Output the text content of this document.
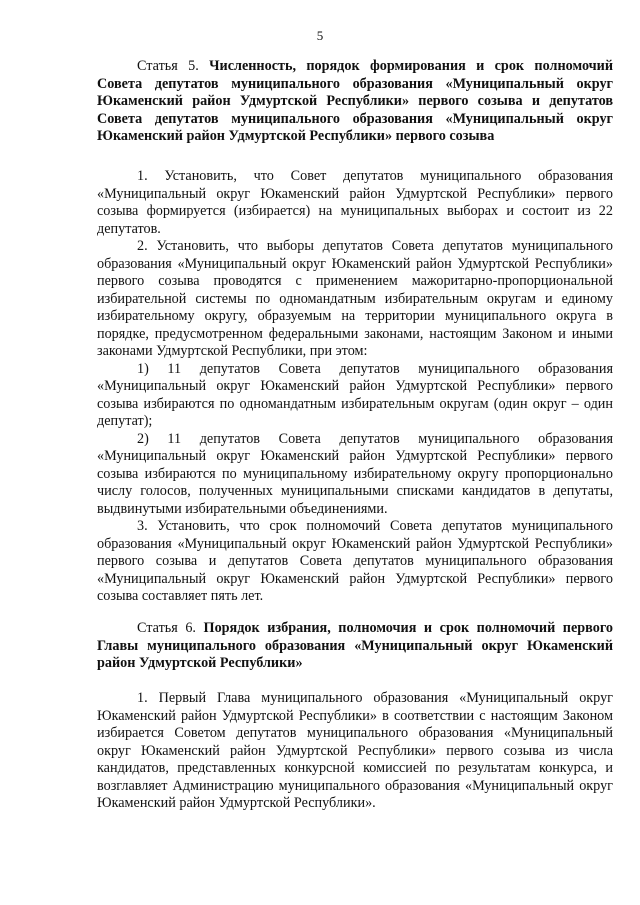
5
Статья 5. Численность, порядок формирования и срок полномочий Совета депутатов муниципального образования «Муниципальный округ Юкаменский район Удмуртской Республики» первого созыва и депутатов Совета депутатов муниципального образования «Муниципальный округ Юкаменский район Удмуртской Республики» первого созыва

1. Установить, что Совет депутатов муниципального образования «Муниципальный округ Юкаменский район Удмуртской Республики» первого созыва формируется (избирается) на муниципальных выборах и состоит из 22 депутатов.

2. Установить, что выборы депутатов Совета депутатов муниципального образования «Муниципальный округ Юкаменский район Удмуртской Республики» первого созыва проводятся с применением мажоритарно-пропорциональной избирательной системы по одномандатным избирательным округам и единому избирательному округу, образуемым на территории муниципального округа в порядке, предусмотренном федеральными законами, настоящим Законом и иными законами Удмуртской Республики, при этом:

1) 11 депутатов Совета депутатов муниципального образования «Муниципальный округ Юкаменский район Удмуртской Республики» первого созыва избираются по одномандатным избирательным округам (один округ – один депутат);

2) 11 депутатов Совета депутатов муниципального образования «Муниципальный округ Юкаменский район Удмуртской Республики» первого созыва избираются по муниципальному избирательному округу пропорционально числу голосов, полученных муниципальными списками кандидатов в депутаты, выдвинутыми избирательными объединениями.

3. Установить, что срок полномочий Совета депутатов муниципального образования «Муниципальный округ Юкаменский район Удмуртской Республики» первого созыва и депутатов Совета депутатов муниципального образования «Муниципальный округ Юкаменский район Удмуртской Республики» первого созыва составляет пять лет.

Статья 6. Порядок избрания, полномочия и срок полномочий первого Главы муниципального образования «Муниципальный округ Юкаменский район Удмуртской Республики»

1. Первый Глава муниципального образования «Муниципальный округ Юкаменский район Удмуртской Республики» в соответствии с настоящим Законом избирается Советом депутатов муниципального образования «Муниципальный округ Юкаменский район Удмуртской Республики» первого созыва из числа кандидатов, представленных конкурсной комиссией по результатам конкурса, и возглавляет Администрацию муниципального образования «Муниципальный округ Юкаменский район Удмуртской Республики».
